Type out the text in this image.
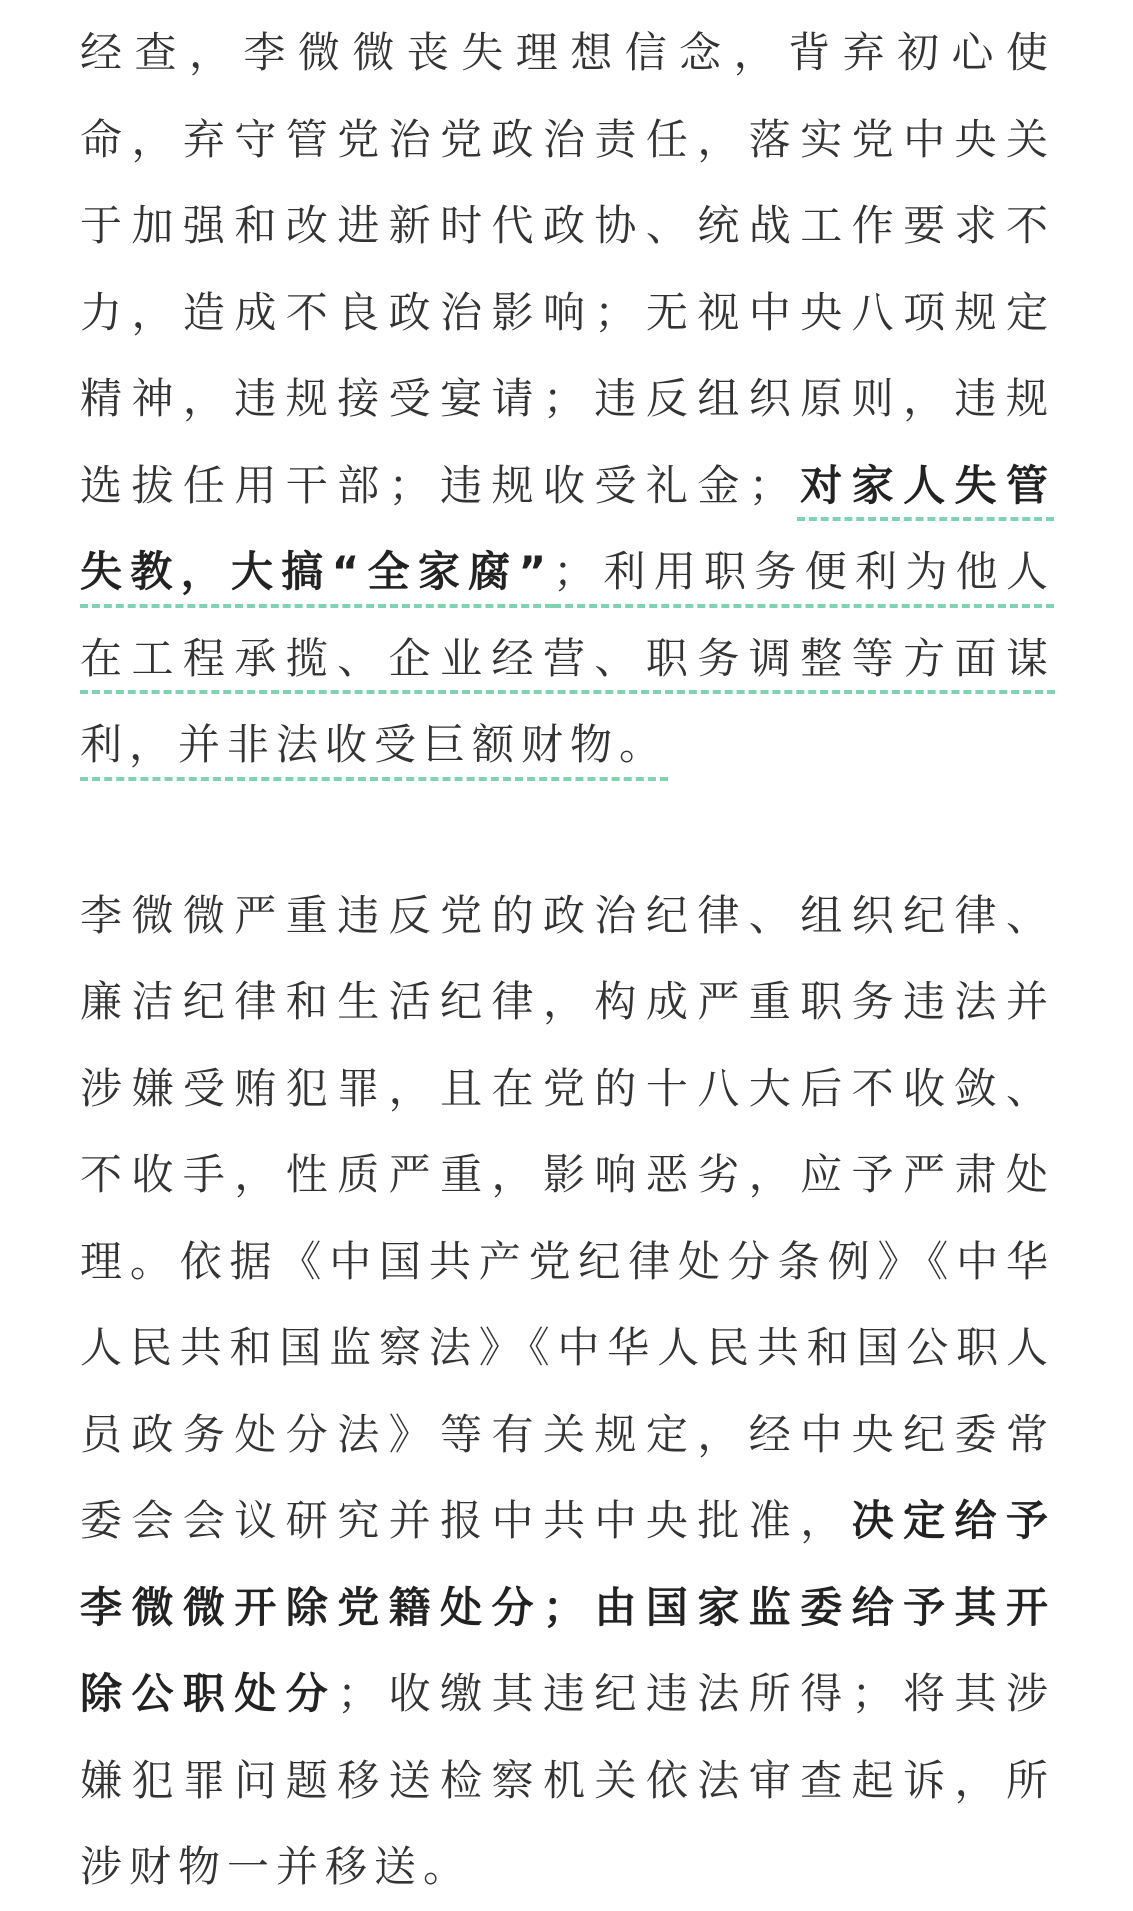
经查，李微微丧失理想信念，背弃初心使命，弃守管党治党政治责任，落实党中央关于加强和改进新时代政协、统战工作要求不力，造成不良政治影响；无视中央八项规定精神，违规接受宴请；违反组织原则，违规选拔任用干部；违规收受礼金；对家人失管失教，大搞“全家腐”；利用职务便利为他人在工程承揽、企业经营、职务调整等方面谋利，并非法收受巨额财物。

李微微严重违反党的政治纪律、组织纪律、廉洁纪律和生活纪律，构成严重职务违法并涉嫌受贿犯罪，且在党的十八大后不收敛、不收手，性质严重，影响恶劣，应予严肃处理。依据《中国共产党纪律处分条例》《中华人民共和国监察法》《中华人民共和国公职人员政务处分法》等有关规定，经中央纪委常委会会议研究并报中共中央批准，决定给予李微微开除党籍处分；由国家监委给予其开除公职处分；收缴其违纪违法所得；将其涉嫌犯罪问题移送检察机关依法审查起诉，所涉财物一并移送。
